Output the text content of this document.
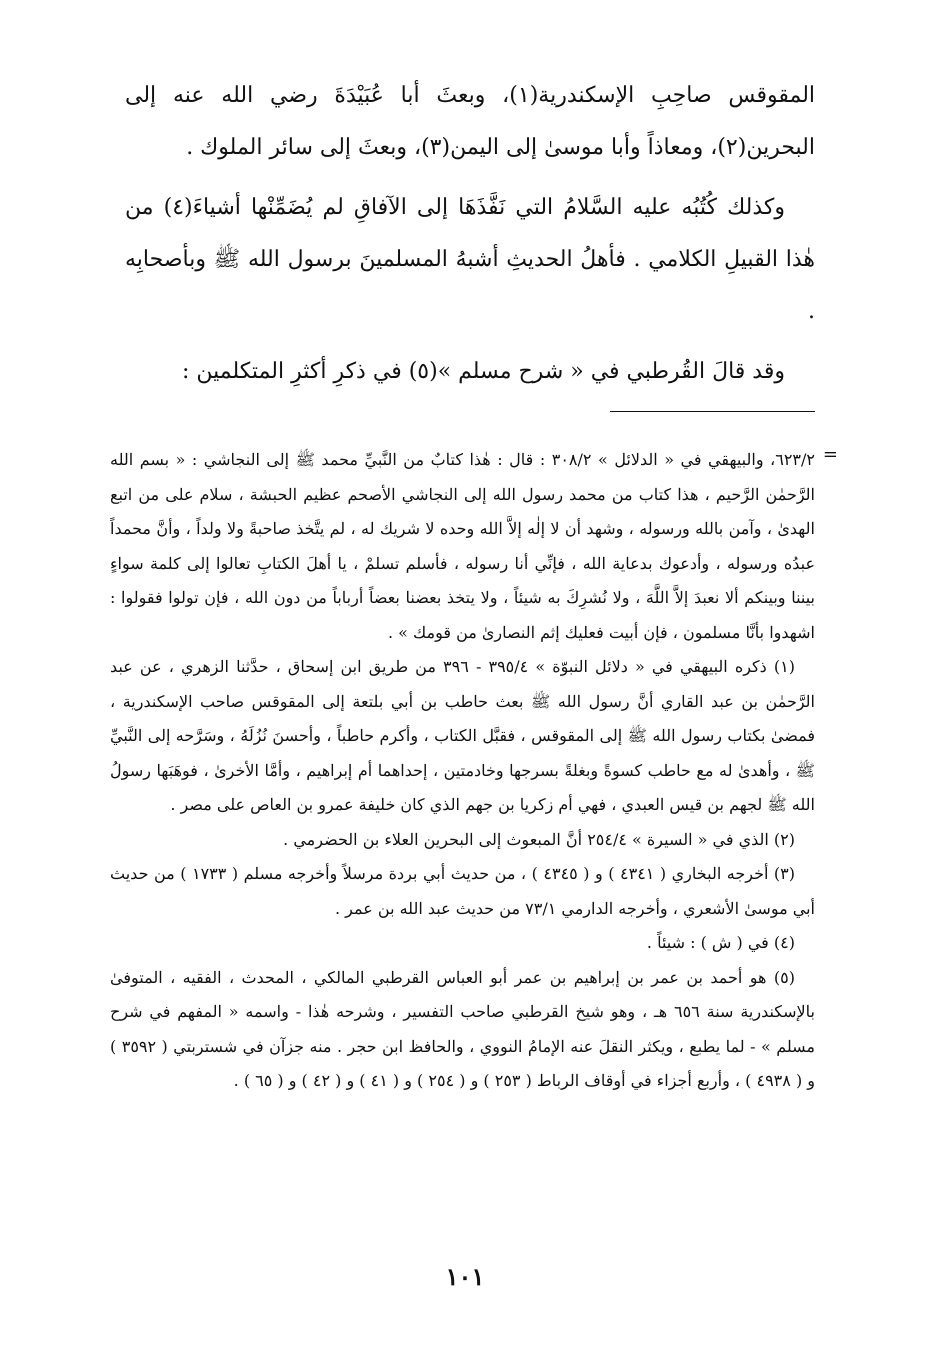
المقوقس صاحِبِ الإسكندرية(١)، وبعثَ أبا عُبَيْدَةَ رضي الله عنه إلى البحرين(٢)، ومعاذاً وأبا موسىٰ إلى اليمن(٣)، وبعثَ إلى سائر الملوك .

وكذلك كُتُبُه عليه السَّلامُ التي نَفَّذَهَا إلى الآفاقِ لم يُضَمِّنْها أشياءَ(٤) من هٰذا القبيلِ الكلامي . فأهلُ الحديثِ أشبهُ المسلمينَ برسول الله ﷺ وبأصحابِه .

وقد قالَ القُرطبي في « شرح مسلم »(٥) في ذكرِ أكثرِ المتكلمين :

=

٦٢٣/٢، والبيهقي في « الدلائل » ٣٠٨/٢ : قال : هٰذا كتابٌ من النَّبيِّ محمد ﷺ إلى النجاشي : « بسم الله الرَّحمٰن الرَّحيم ، هذا كتاب من محمد رسول الله إلى النجاشي الأصحم عظيم الحبشة ، سلام على من اتبع الهدىٰ ، وآمن بالله ورسوله ، وشهد أن لا إلٰه إلاَّ الله وحده لا شريك له ، لم يتَّخذ صاحبةً ولا ولداً ، وأنَّ محمداً عبدُه ورسوله ، وأدعوك بدعاية الله ، فإنِّي أنا رسوله ، فأسلم تسلمْ ، يا أهلَ الكتابِ تعالوا إلى كلمة سواءٍ بيننا وبينكم ألا نعبدَ إلاَّ اللَّهَ ، ولا نُشرِكَ به شيئاً ، ولا يتخذ بعضنا بعضاً أرباباً من دون الله ، فإن تولوا فقولوا : اشهدوا بأنَّا مسلمون ، فإن أبيت فعليك إثم النصارىٰ من قومك » .

(١) ذكره البيهقي في « دلائل النبوّة » ٣٩٥/٤ - ٣٩٦ من طريق ابن إسحاق ، حدَّثنا الزهري ، عن عبد الرَّحمٰن بن عبد القاري أنَّ رسول الله ﷺ بعث حاطب بن أبي بلتعة إلى المقوقس صاحب الإسكندرية ، فمضىٰ بكتاب رسول الله ﷺ إلى المقوقس ، فقبَّل الكتاب ، وأكرم حاطباً ، وأحسنَ نُزُلَهُ ، وسَرَّحه إلى النَّبيِّ ﷺ ، وأهدىٰ له مع حاطب كسوةً وبغلةً بسرجها وخادمتين ، إحداهما أم إبراهيم ، وأمَّا الأخرىٰ ، فوهَبَها رسولُ الله ﷺ لجهم بن قيس العبدي ، فهي أم زكريا بن جهم الذي كان خليفة عمرو بن العاص على مصر .

(٢) الذي في « السيرة » ٢٥٤/٤ أنَّ المبعوث إلى البحرين العلاء بن الحضرمي .

(٣) أخرجه البخاري ( ٤٣٤١ ) و ( ٤٣٤٥ ) ، من حديث أبي بردة مرسلاً وأخرجه مسلم ( ١٧٣٣ ) من حديث أبي موسىٰ الأشعري ، وأخرجه الدارمي ٧٣/١ من حديث عبد الله بن عمر .

(٤) في ( ش ) : شيئاً .

(٥) هو أحمد بن عمر بن إبراهيم بن عمر أبو العباس القرطبي المالكي ، المحدث ، الفقيه ، المتوفىٰ بالإسكندرية سنة ٦٥٦ هـ ، وهو شيخ القرطبي صاحب التفسير ، وشرحه هٰذا - واسمه « المفهم في شرح مسلم » - لما يطبع ، ويكثر النقلَ عنه الإمامُ النووي ، والحافظ ابن حجر . منه جزآن في شستربتي ( ٣٥٩٢ ) و ( ٤٩٣٨ ) ، وأربع أجزاء في أوقاف الرباط ( ٢٥٣ ) و ( ٢٥٤ ) و ( ٤١ ) و ( ٤٢ ) و ( ٦٥ ) .

١٠١
